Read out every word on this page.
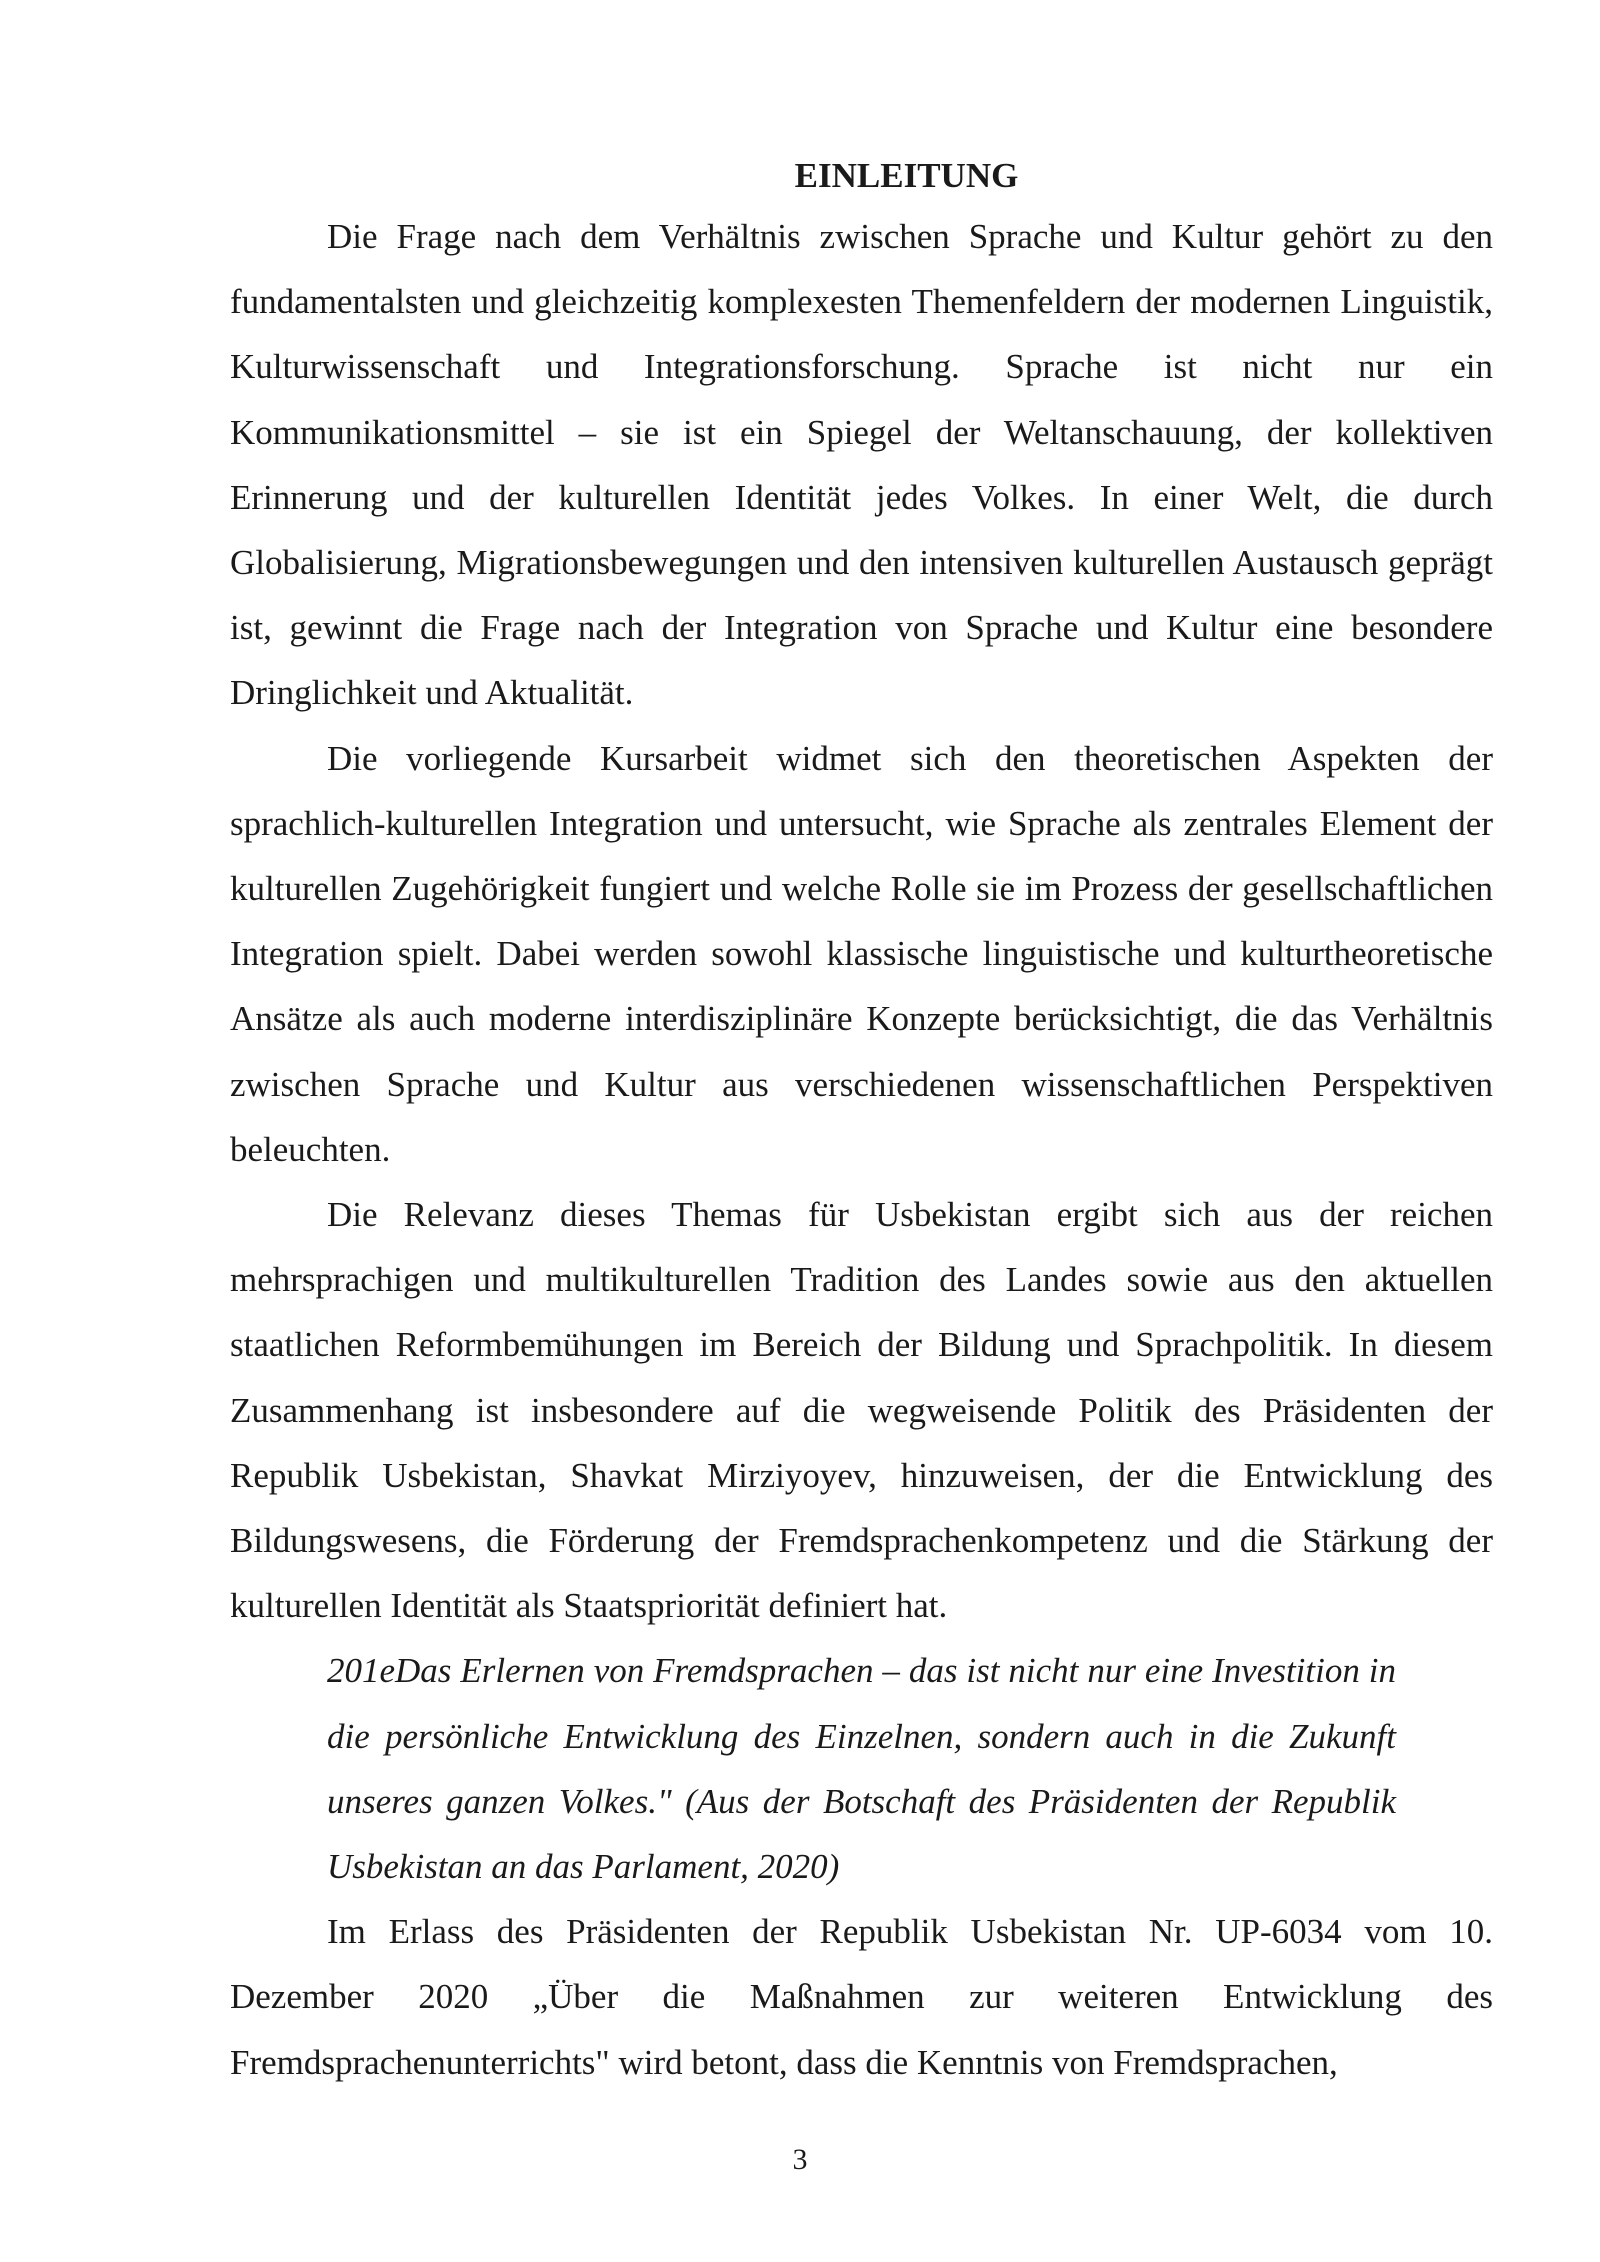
EINLEITUNG

Die Frage nach dem Verhältnis zwischen Sprache und Kultur gehört zu den fundamentalsten und gleichzeitig komplexesten Themenfeldern der modernen Linguistik, Kulturwissenschaft und Integrationsforschung. Sprache ist nicht nur ein Kommunikationsmittel – sie ist ein Spiegel der Weltanschauung, der kollektiven Erinnerung und der kulturellen Identität jedes Volkes. In einer Welt, die durch Globalisierung, Migrationsbewegungen und den intensiven kulturellen Austausch geprägt ist, gewinnt die Frage nach der Integration von Sprache und Kultur eine besondere Dringlichkeit und Aktualität.

Die vorliegende Kursarbeit widmet sich den theoretischen Aspekten der sprachlich-kulturellen Integration und untersucht, wie Sprache als zentrales Element der kulturellen Zugehörigkeit fungiert und welche Rolle sie im Prozess der gesellschaftlichen Integration spielt. Dabei werden sowohl klassische linguistische und kulturtheoretische Ansätze als auch moderne interdisziplinäre Konzepte berücksichtigt, die das Verhältnis zwischen Sprache und Kultur aus verschiedenen wissenschaftlichen Perspektiven beleuchten.

Die Relevanz dieses Themas für Usbekistan ergibt sich aus der reichen mehrsprachigen und multikulturellen Tradition des Landes sowie aus den aktuellen staatlichen Reformbemühungen im Bereich der Bildung und Sprachpolitik. In diesem Zusammenhang ist insbesondere auf die wegweisende Politik des Präsidenten der Republik Usbekistan, Shavkat Mirziyoyev, hinzuweisen, der die Entwicklung des Bildungswesens, die Förderung der Fremdsprachenkompetenz und die Stärkung der kulturellen Identität als Staatspriorität definiert hat.

201eDas Erlernen von Fremdsprachen – das ist nicht nur eine Investition in die persönliche Entwicklung des Einzelnen, sondern auch in die Zukunft unseres ganzen Volkes." (Aus der Botschaft des Präsidenten der Republik Usbekistan an das Parlament, 2020)

Im Erlass des Präsidenten der Republik Usbekistan Nr. UP-6034 vom 10. Dezember 2020 „Über die Maßnahmen zur weiteren Entwicklung des Fremdsprachenunterrichts" wird betont, dass die Kenntnis von Fremdsprachen,

3
